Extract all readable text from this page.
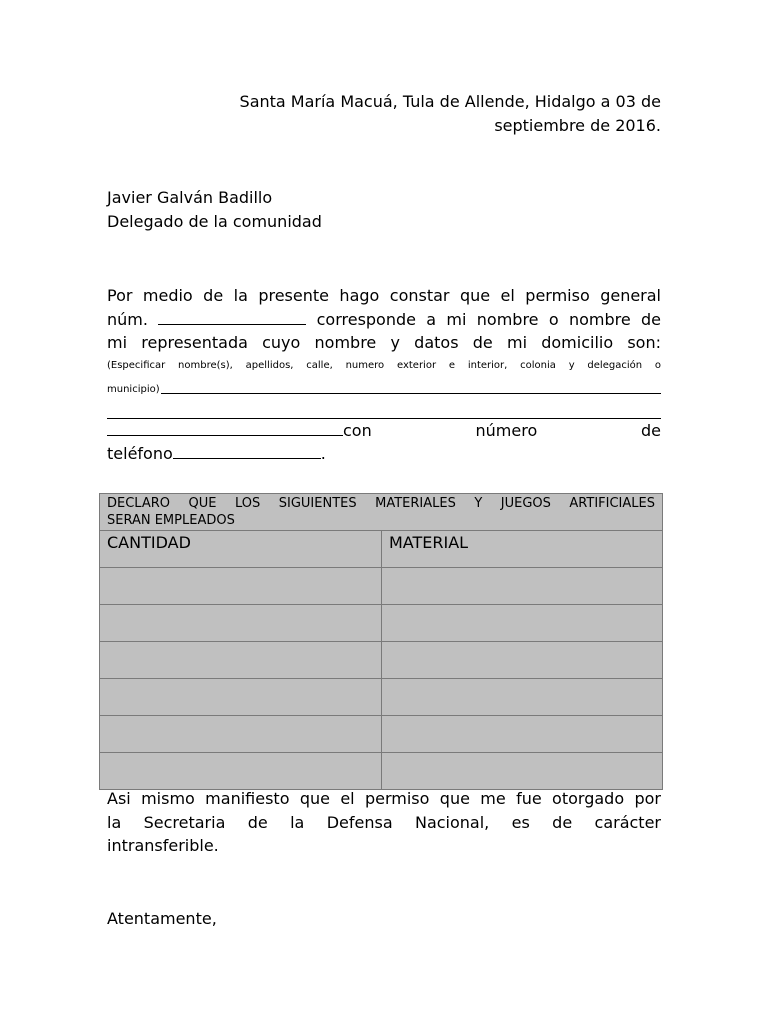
Santa María Macuá, Tula de Allende, Hidalgo a 03 de
septiembre de 2016.
Javier Galván Badillo
Delegado de la comunidad
Por medio de la presente hago constar que el permiso general
núm.	corresponde a mi nombre o nombre de
mi representada cuyo nombre y datos de mi domicilio son:
(Especificar nombre(s), apellidos, calle, numero exterior e interior, colonia y delegación o
municipio)
con	número	de
teléfono	.
DECLARO QUE LOS SIGUIENTES MATERIALES Y JUEGOS ARTIFICIALES
SERAN EMPLEADOS	
CANTIDAD	MATERIAL

Asi mismo manifiesto que el permiso que me fue otorgado por
la Secretaria de la Defensa Nacional, es de carácter
intransferible.
Atentamente,
